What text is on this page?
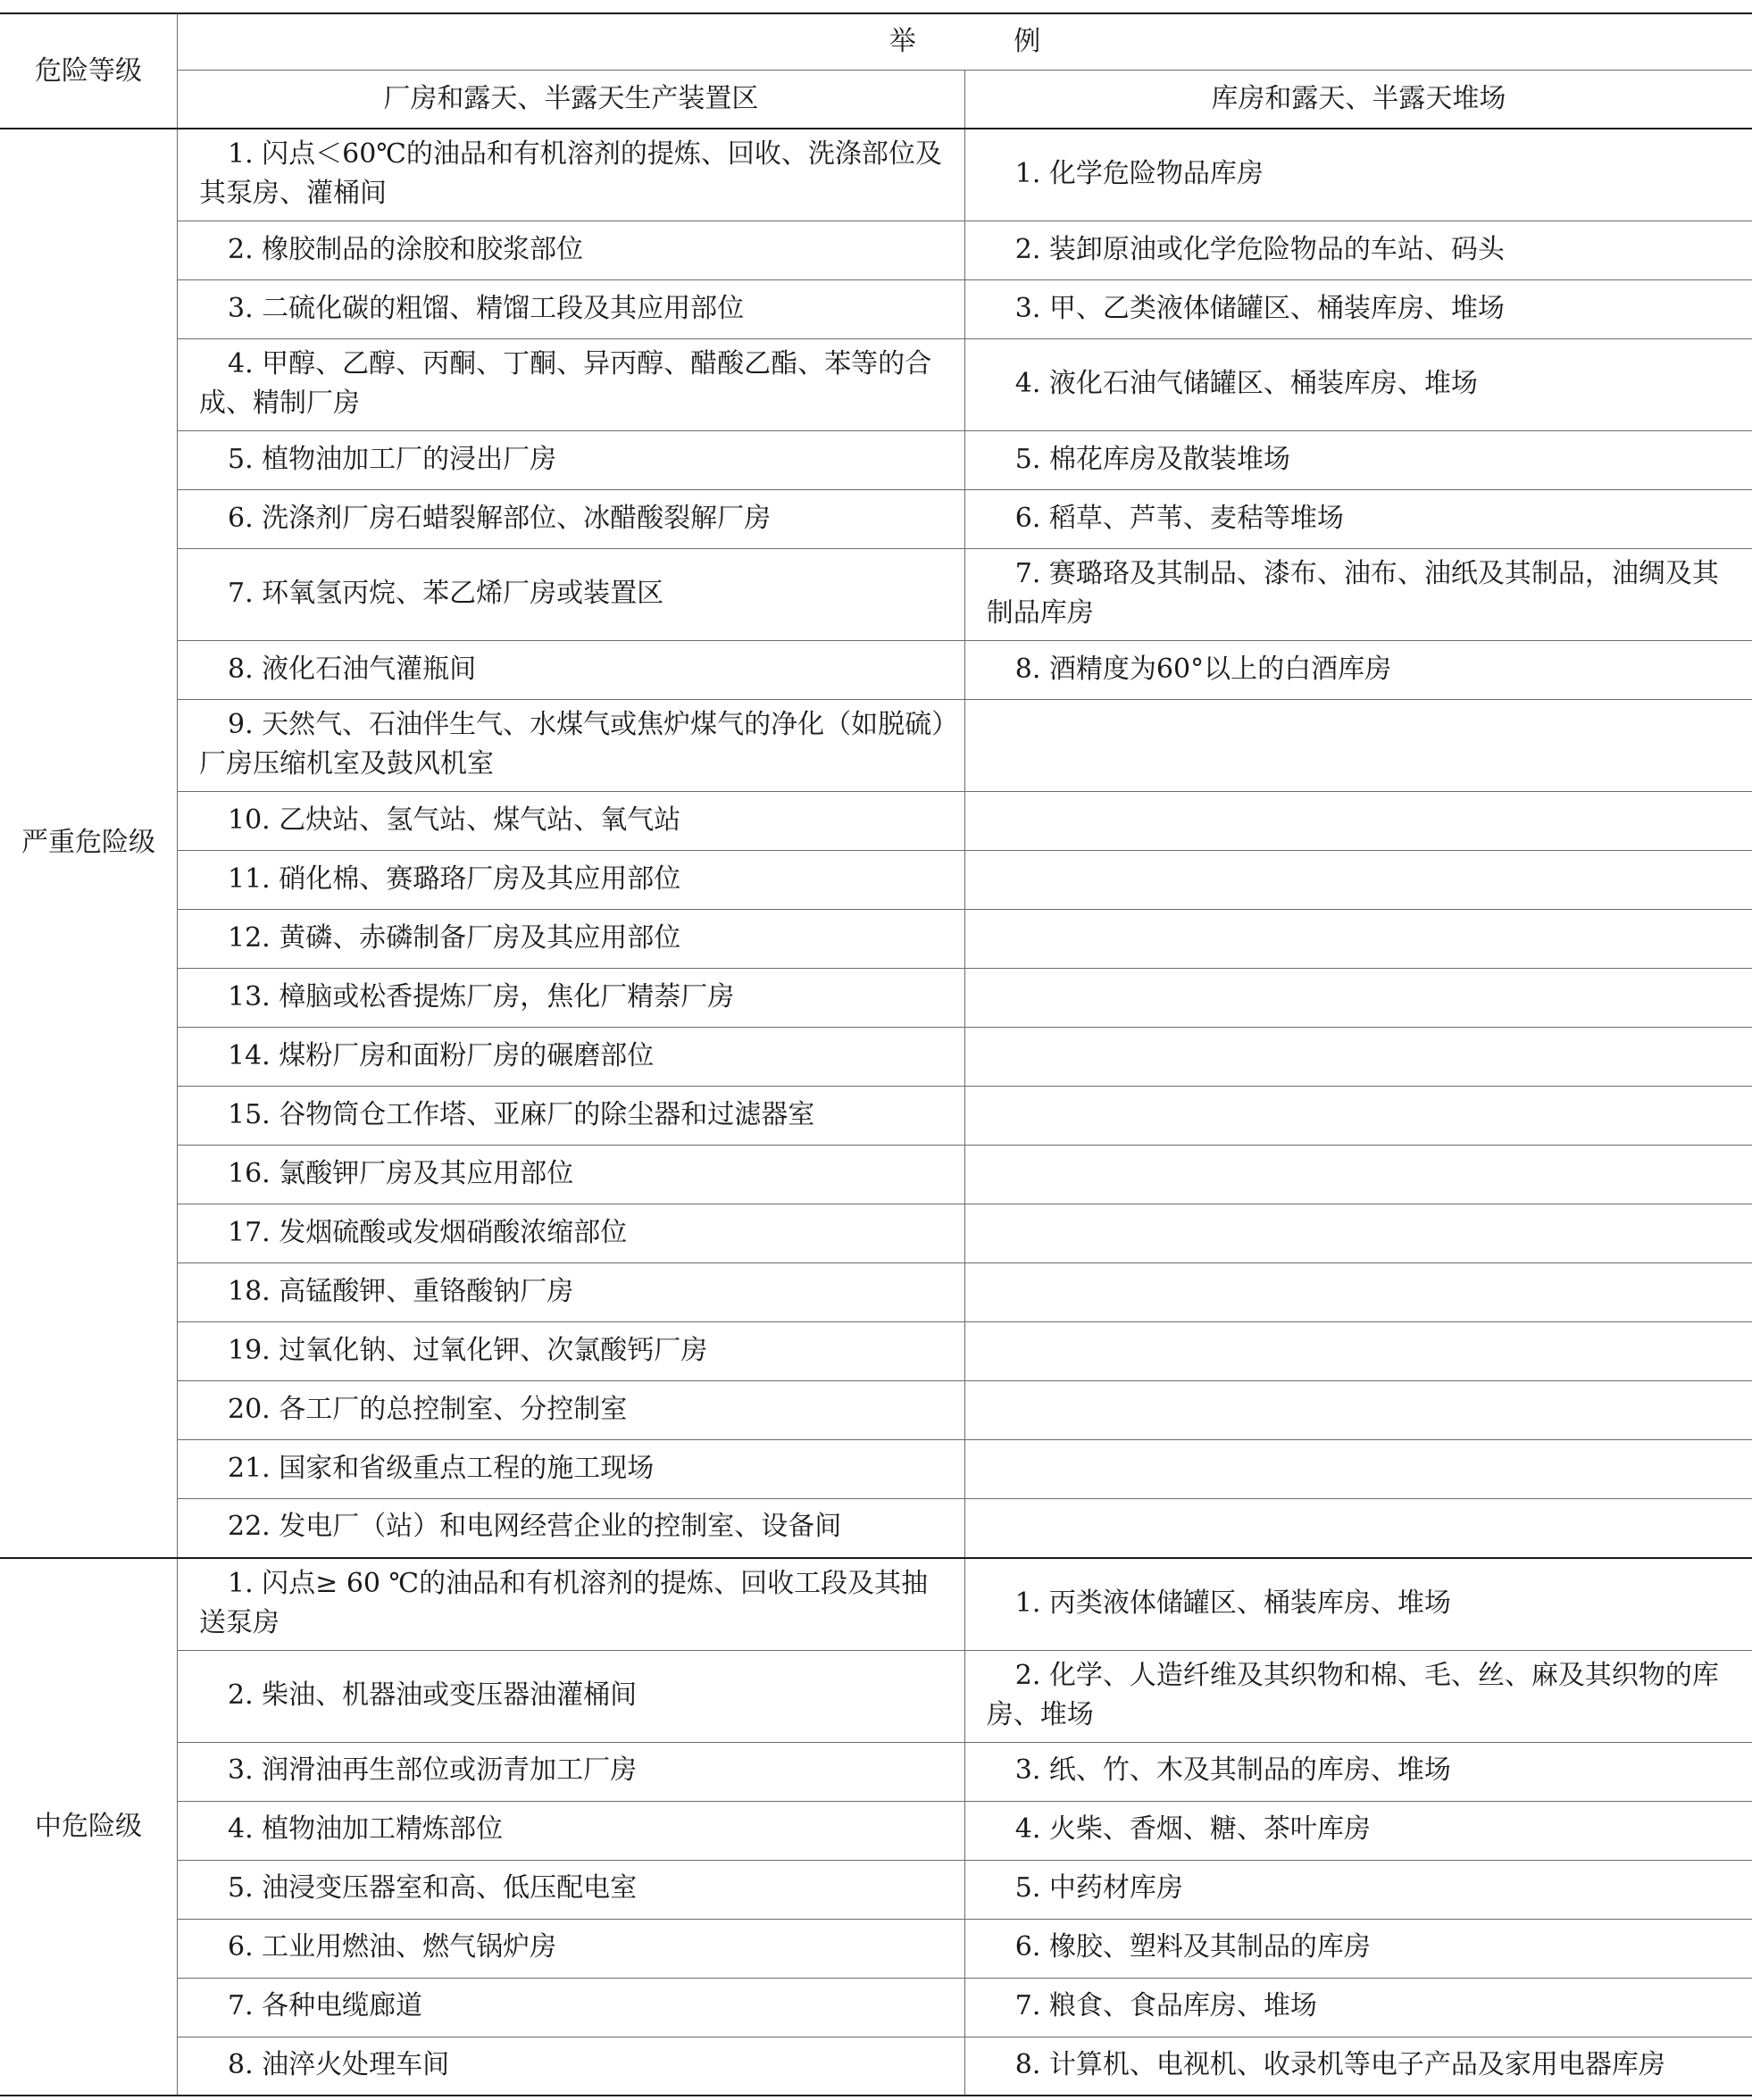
危险等级	举 例	
	厂房和露天、半露天生产装置区	库房和露天、半露天堆场
严重危险级	1. 闪点＜60℃的油品和有机溶剂的提炼、回收、洗涤部位及其泵房、灌桶间	1. 化学危险物品库房

	2. 橡胶制品的涂胶和胶浆部位	2. 装卸原油或化学危险物品的车站、码头

	3. 二硫化碳的粗馏、精馏工段及其应用部位	3. 甲、乙类液体储罐区、桶装库房、堆场

	4. 甲醇、乙醇、丙酮、丁酮、异丙醇、醋酸乙酯、苯等的合成、精制厂房	4. 液化石油气储罐区、桶装库房、堆场

	5. 植物油加工厂的浸出厂房	5. 棉花库房及散装堆场

	6. 洗涤剂厂房石蜡裂解部位、冰醋酸裂解厂房	6. 稻草、芦苇、麦秸等堆场

	7. 环氧氢丙烷、苯乙烯厂房或装置区	7. 赛璐珞及其制品、漆布、油布、油纸及其制品，油绸及其制品库房

	8. 液化石油气灌瓶间	8. 酒精度为60°以上的白酒库房

	9. 天然气、石油伴生气、水煤气或焦炉煤气的净化（如脱硫）厂房压缩机室及鼓风机室	

	10. 乙炔站、氢气站、煤气站、氧气站	

	11. 硝化棉、赛璐珞厂房及其应用部位	

	12. 黄磷、赤磷制备厂房及其应用部位	

	13. 樟脑或松香提炼厂房，焦化厂精萘厂房	

	14. 煤粉厂房和面粉厂房的碾磨部位	

	15. 谷物筒仓工作塔、亚麻厂的除尘器和过滤器室	

	16. 氯酸钾厂房及其应用部位	

	17. 发烟硫酸或发烟硝酸浓缩部位	

	18. 高锰酸钾、重铬酸钠厂房	

	19. 过氧化钠、过氧化钾、次氯酸钙厂房	

	20. 各工厂的总控制室、分控制室	

	21. 国家和省级重点工程的施工现场	

	22. 发电厂（站）和电网经营企业的控制室、设备间	

中危险级	1. 闪点≥ 60 ℃的油品和有机溶剂的提炼、回收工段及其抽送泵房	1. 丙类液体储罐区、桶装库房、堆场

	2. 柴油、机器油或变压器油灌桶间	2. 化学、人造纤维及其织物和棉、毛、丝、麻及其织物的库房、堆场

	3. 润滑油再生部位或沥青加工厂房	3. 纸、竹、木及其制品的库房、堆场

	4. 植物油加工精炼部位	4. 火柴、香烟、糖、茶叶库房

	5. 油浸变压器室和高、低压配电室	5. 中药材库房

	6. 工业用燃油、燃气锅炉房	6. 橡胶、塑料及其制品的库房

	7. 各种电缆廊道	7. 粮食、食品库房、堆场

	8. 油淬火处理车间	8. 计算机、电视机、收录机等电子产品及家用电器库房
